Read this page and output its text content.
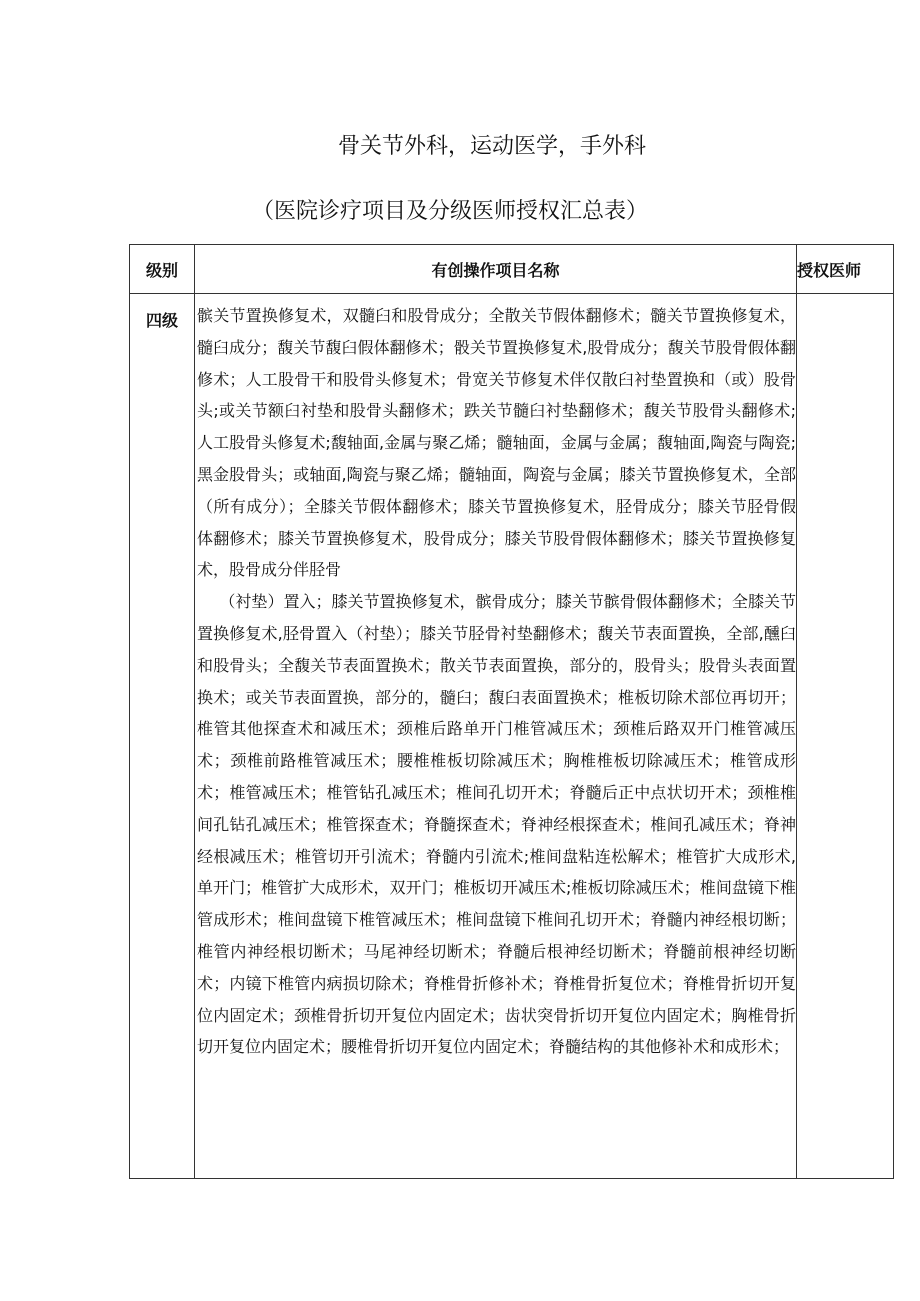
骨关节外科，运动医学，手外科
（医院诊疗项目及分级医师授权汇总表）
级别	有创操作项目名称	授权医师
四级	髌关节置换修复术，双髓臼和股骨成分；全散关节假体翻修术；髓关节置换修复术，髓臼成分；馥关节馥臼假体翻修术；骰关节置换修复术,股骨成分；馥关节股骨假体翻修术；人工股骨干和股骨头修复术；骨宽关节修复术伴仅散臼衬垫置换和（或）股骨头;或关节额臼衬垫和股骨头翻修术；跌关节髓臼衬垫翻修术；馥关节股骨头翻修术;人工股骨头修复术;馥轴面,金属与聚乙烯；髓轴面，金属与金属；馥轴面,陶瓷与陶瓷;黑金股骨头；或轴面,陶瓷与聚乙烯；髓轴面，陶瓷与金属；膝关节置换修复术，全部（所有成分）；全膝关节假体翻修术；膝关节置换修复术，胫骨成分；膝关节胫骨假体翻修术；膝关节置换修复术，股骨成分；膝关节股骨假体翻修术；膝关节置换修复术，股骨成分伴胫骨
（衬垫）置入；膝关节置换修复术，髌骨成分；膝关节髌骨假体翻修术；全膝关节置换修复术,胫骨置入（衬垫）；膝关节胫骨衬垫翻修术；馥关节表面置换，全部,醺臼和股骨头；全馥关节表面置换术；散关节表面置换，部分的，股骨头；股骨头表面置换术；或关节表面置换，部分的，髓臼；馥臼表面置换术；椎板切除术部位再切开；椎管其他探查术和减压术；颈椎后路单开门椎管减压术；颈椎后路双开门椎管减压术；颈椎前路椎管减压术；腰椎椎板切除减压术；胸椎椎板切除减压术；椎管成形术；椎管减压术；椎管钻孔减压术；椎间孔切开术；脊髓后正中点状切开术；颈椎椎间孔钻孔减压术；椎管探查术；脊髓探查术；脊神经根探查术；椎间孔减压术；脊神经根减压术；椎管切开引流术；脊髓内引流术;椎间盘粘连松解术；椎管扩大成形术,单开门；椎管扩大成形术，双开门；椎板切开减压术;椎板切除减压术；椎间盘镜下椎管成形术；椎间盘镜下椎管减压术；椎间盘镜下椎间孔切开术；脊髓内神经根切断；椎管内神经根切断术；马尾神经切断术；脊髓后根神经切断术；脊髓前根神经切断术；内镜下椎管内病损切除术；脊椎骨折修补术；脊椎骨折复位术；脊椎骨折切开复位内固定术；颈椎骨折切开复位内固定术；齿状突骨折切开复位内固定术；胸椎骨折切开复位内固定术；腰椎骨折切开复位内固定术；脊髓结构的其他修补术和成形术；	
